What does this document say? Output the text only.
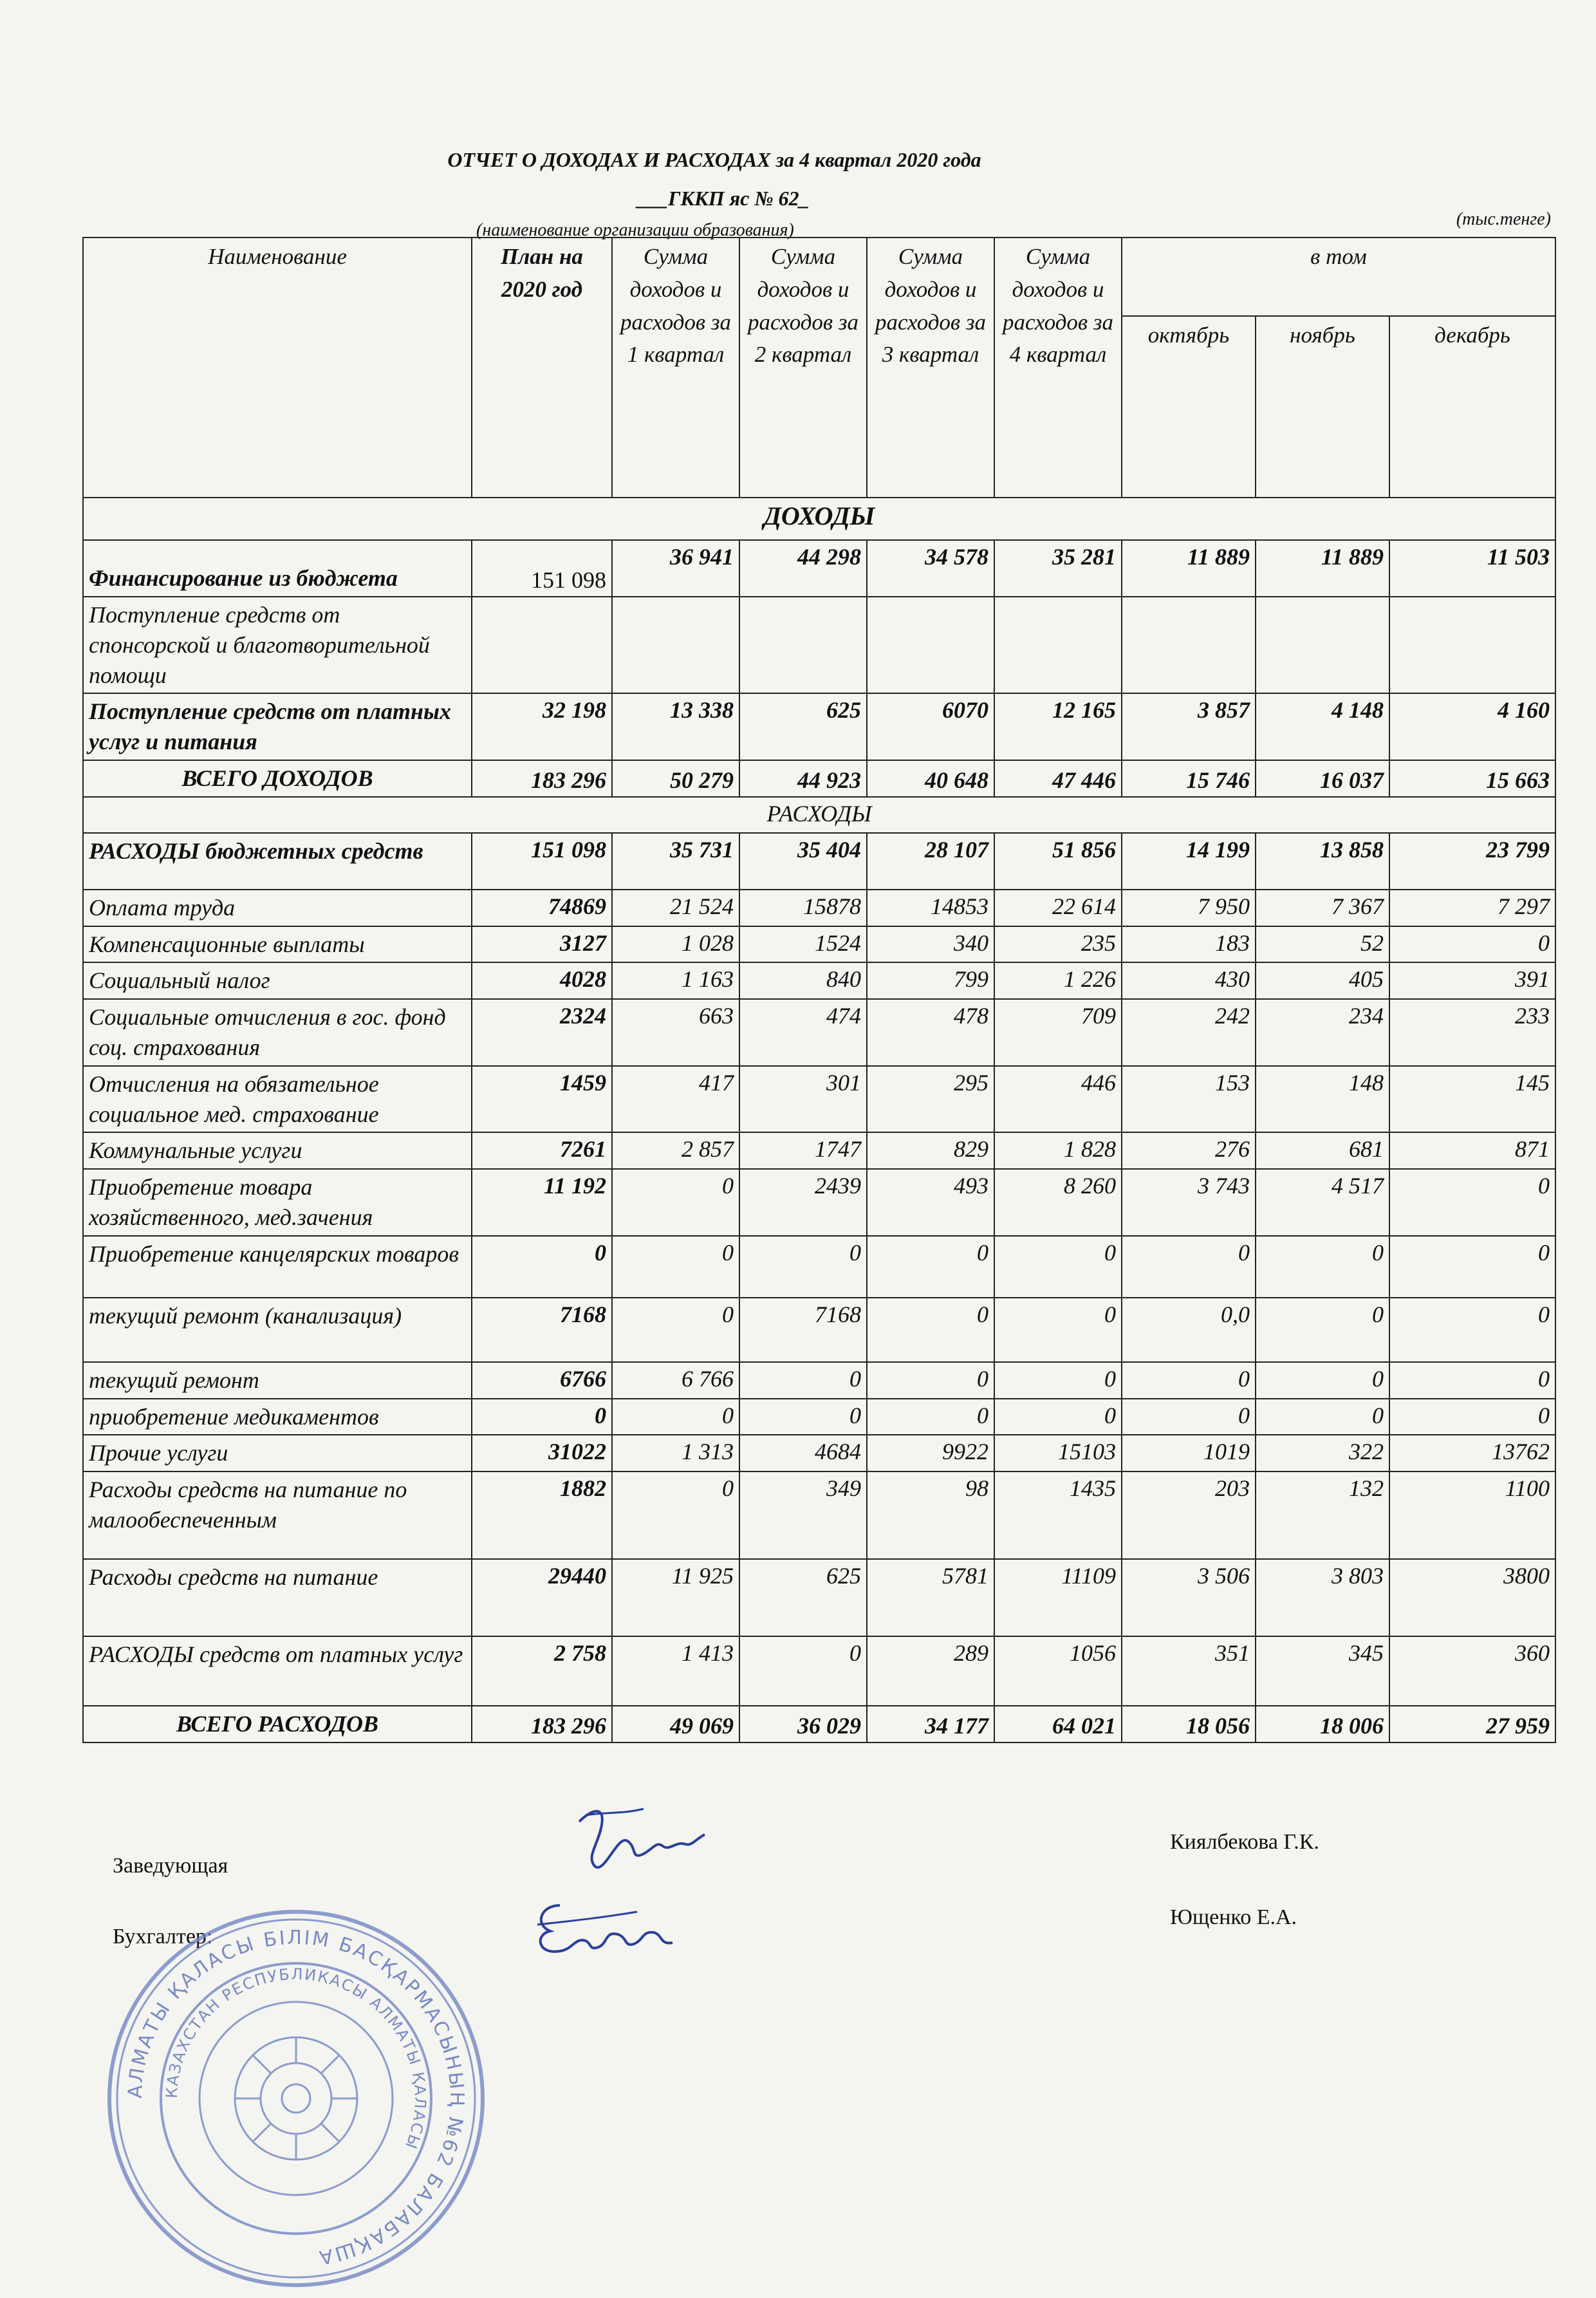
ОТЧЕТ О ДОХОДАХ И РАСХОДАХ за 4 квартал 2020 года
___ГККП яс № 62_
(наименование организации образования)
(тыс.тенге)
Наименование	План на 2020 год	Сумма доходов и расходов за 1 квартал	Сумма доходов и расходов за 2 квартал	Сумма доходов и расходов за 3 квартал	Сумма доходов и расходов за 4 квартал	в том		
						октябрь	ноябрь	декабрь
ДОХОДЫ								
Финансирование из бюджета	151 098	36 941	44 298	34 578	35 281	11 889	11 889	11 503
Поступление средств от спонсорской и благотворительной помощи								
Поступление средств от платных услуг и питания	32 198	13 338	625	6070	12 165	3 857	4 148	4 160
ВСЕГО ДОХОДОВ	183 296	50 279	44 923	40 648	47 446	15 746	16 037	15 663
РАСХОДЫ								
РАСХОДЫ бюджетных средств	151 098	35 731	35 404	28 107	51 856	14 199	13 858	23 799
Оплата труда	74869	21 524	15878	14853	22 614	7 950	7 367	7 297
Компенсационные выплаты	3127	1 028	1524	340	235	183	52	0
Социальный налог	4028	1 163	840	799	1 226	430	405	391
Социальные отчисления в гос. фонд соц. страхования	2324	663	474	478	709	242	234	233
Отчисления на обязательное социальное мед. страхование	1459	417	301	295	446	153	148	145
Коммунальные услуги	7261	2 857	1747	829	1 828	276	681	871
Приобретение товара хозяйственного, мед.зачения	11 192	0	2439	493	8 260	3 743	4 517	0
Приобретение канцелярских товаров	0	0	0	0	0	0	0	0
текущий ремонт (канализация)	7168	0	7168	0	0	0,0	0	0
текущий ремонт	6766	6 766	0	0	0	0	0	0
приобретение медикаментов	0	0	0	0	0	0	0	0
Прочие услуги	31022	1 313	4684	9922	15103	1019	322	13762
Расходы средств на питание по малообеспеченным	1882	0	349	98	1435	203	132	1100
Расходы средств на питание	29440	11 925	625	5781	11109	3 506	3 803	3800
РАСХОДЫ средств от платных услуг	2 758	1 413	0	289	1056	351	345	360
ВСЕГО РАСХОДОВ	183 296	49 069	36 029	34 177	64 021	18 056	18 006	27 959
Заведующая
Киялбекова Г.К.
Бухгалтер:
Ющенко Е.А.
АЛМАТЫ ҚАЛАСЫ БІЛІМ БАСҚАРМАСЫНЫҢ №62 БАЛАБАҚША
КАЗАХСТАН РЕСПУБЛИКАСЫ АЛМАТЫ ҚАЛАСЫ
